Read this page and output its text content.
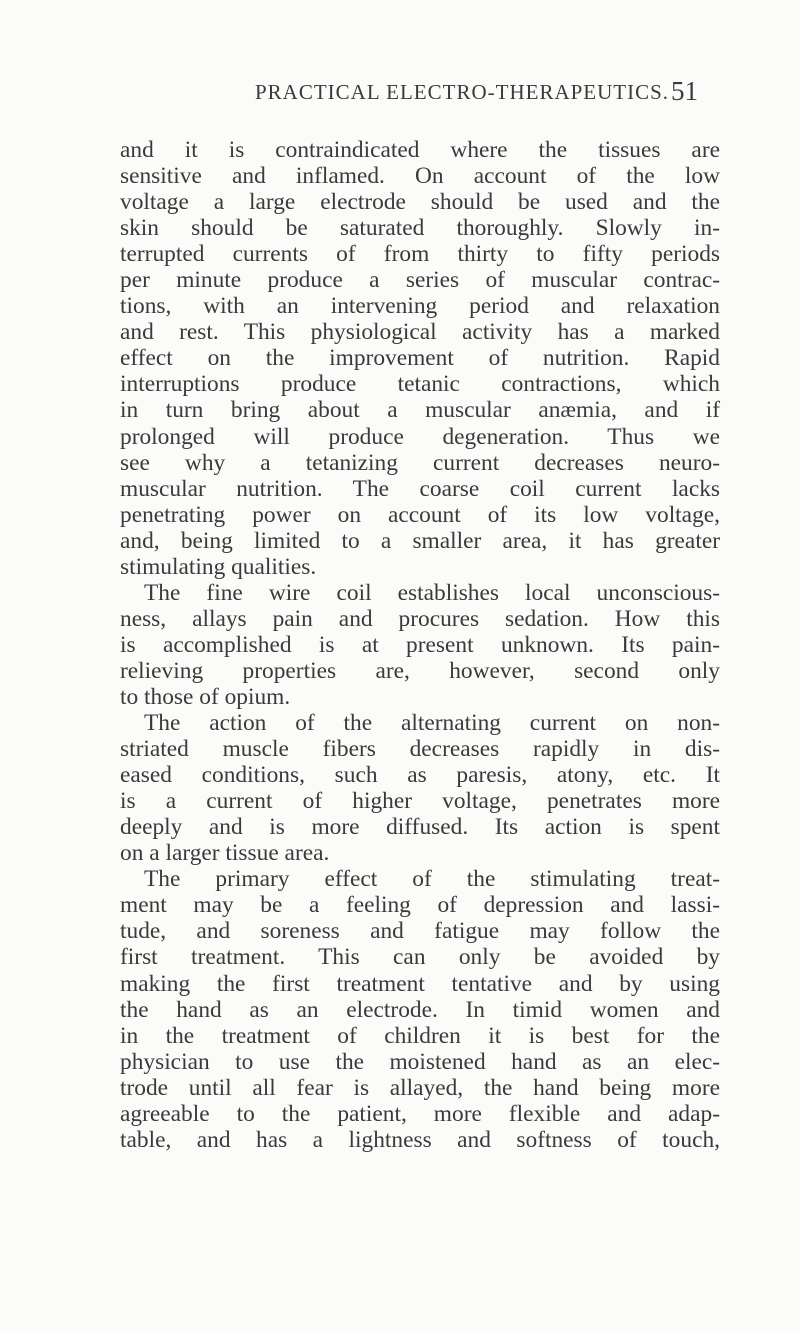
PRACTICAL ELECTRO-THERAPEUTICS. 51
and it is contraindicated where the tissues are
sensitive and inflamed. On account of the low
voltage a large electrode should be used and the
skin should be saturated thoroughly. Slowly in-
terrupted currents of from thirty to fifty periods
per minute produce a series of muscular contrac-
tions, with an intervening period and relaxation
and rest. This physiological activity has a marked
effect on the improvement of nutrition. Rapid
interruptions produce tetanic contractions, which
in turn bring about a muscular anæmia, and if
prolonged will produce degeneration. Thus we
see why a tetanizing current decreases neuro-
muscular nutrition. The coarse coil current lacks
penetrating power on account of its low voltage,
and, being limited to a smaller area, it has greater
stimulating qualities.
The fine wire coil establishes local unconscious-
ness, allays pain and procures sedation. How this
is accomplished is at present unknown. Its pain-
relieving properties are, however, second only
to those of opium.
The action of the alternating current on non-
striated muscle fibers decreases rapidly in dis-
eased conditions, such as paresis, atony, etc. It
is a current of higher voltage, penetrates more
deeply and is more diffused. Its action is spent
on a larger tissue area.
The primary effect of the stimulating treat-
ment may be a feeling of depression and lassi-
tude, and soreness and fatigue may follow the
first treatment. This can only be avoided by
making the first treatment tentative and by using
the hand as an electrode. In timid women and
in the treatment of children it is best for the
physician to use the moistened hand as an elec-
trode until all fear is allayed, the hand being more
agreeable to the patient, more flexible and adap-
table, and has a lightness and softness of touch,
